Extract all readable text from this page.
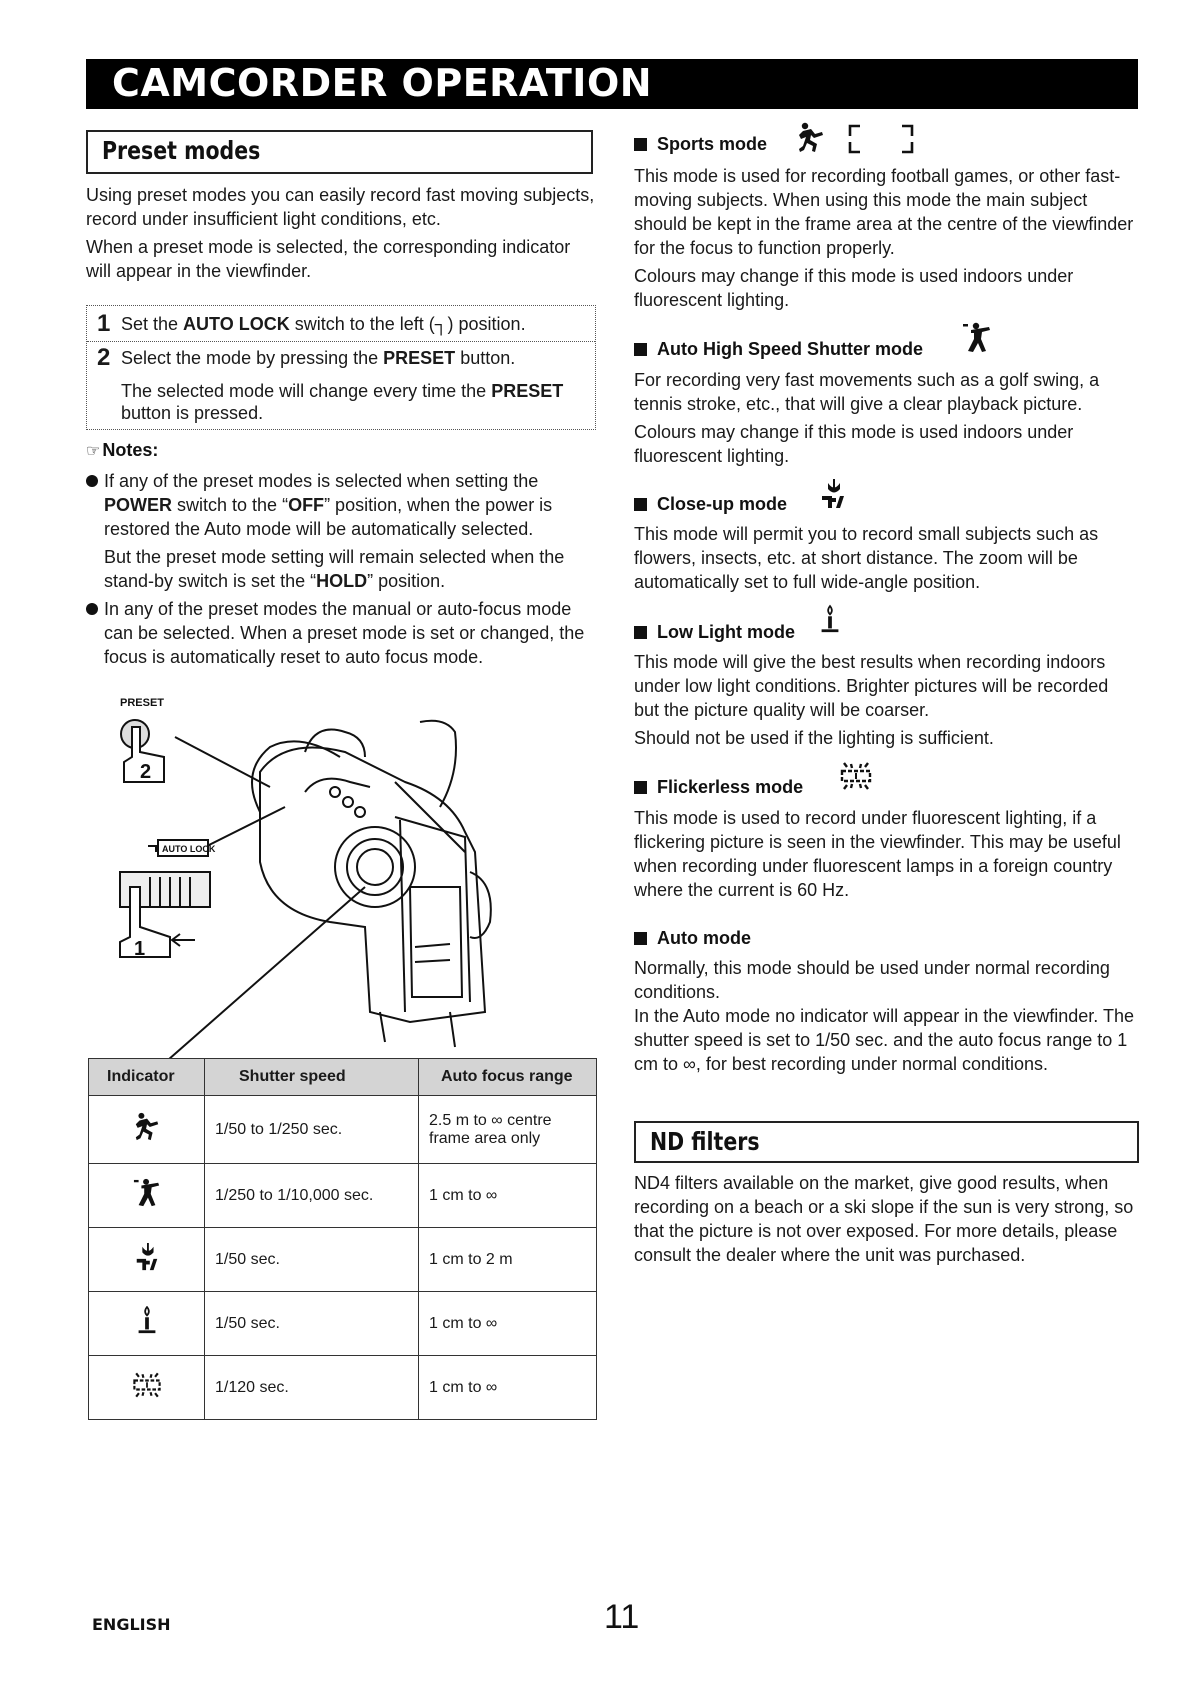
CAMCORDER OPERATION
Preset modes

Using preset modes you can easily record fast moving subjects, record under insufficient light conditions, etc.

When a preset mode is selected, the corresponding indicator will appear in the viewfinder.

1 Set the AUTO LOCK switch to the left (┐) position.
2 Select the mode by pressing the PRESET button.
The selected mode will change every time the PRESET button is pressed.
☞ Notes:

If any of the preset modes is selected when setting the POWER switch to the “OFF” position, when the power is restored the Auto mode will be automatically selected.

But the preset mode setting will remain selected when the stand-by switch is set the “HOLD” position.

In any of the preset modes the manual or auto-focus mode can be selected. When a preset mode is set or changed, the focus is automatically reset to auto focus mode.

PRESET
2
AUTO LOCK
1
Indicator	Shutter speed	Auto focus range
	1/50 to 1/250 sec.	2.5 m to ∞ centre frame area only
	1/250 to 1/10,000 sec.	1 cm to ∞
	1/50 sec.	1 cm to 2 m
	1/50 sec.	1 cm to ∞
	1/120 sec.	1 cm to ∞
Sports mode

This mode is used for recording football games, or other fast-moving subjects. When using this mode the main subject should be kept in the frame area at the centre of the viewfinder for the focus to function properly.

Colours may change if this mode is used indoors under fluorescent lighting.

Auto High Speed Shutter mode

For recording very fast movements such as a golf swing, a tennis stroke, etc., that will give a clear playback picture.

Colours may change if this mode is used indoors under fluorescent lighting.

Close-up mode

This mode will permit you to record small subjects such as flowers, insects, etc. at short distance. The zoom will be automatically set to full wide-angle position.

Low Light mode

This mode will give the best results when recording indoors under low light conditions. Brighter pictures will be recorded but the picture quality will be coarser.

Should not be used if the lighting is sufficient.

Flickerless mode

This mode is used to record under fluorescent lighting, if a flickering picture is seen in the viewfinder. This may be useful when recording under fluorescent lamps in a foreign country where the current is 60 Hz.

Auto mode

Normally, this mode should be used under normal recording conditions.

In the Auto mode no indicator will appear in the viewfinder. The shutter speed is set to 1/50 sec. and the auto focus range to 1 cm to ∞, for best recording under normal conditions.

ND filters

ND4 filters available on the market, give good results, when recording on a beach or a ski slope if the sun is very strong, so that the picture is not over exposed. For more details, please consult the dealer where the unit was purchased.

ENGLISH	11
